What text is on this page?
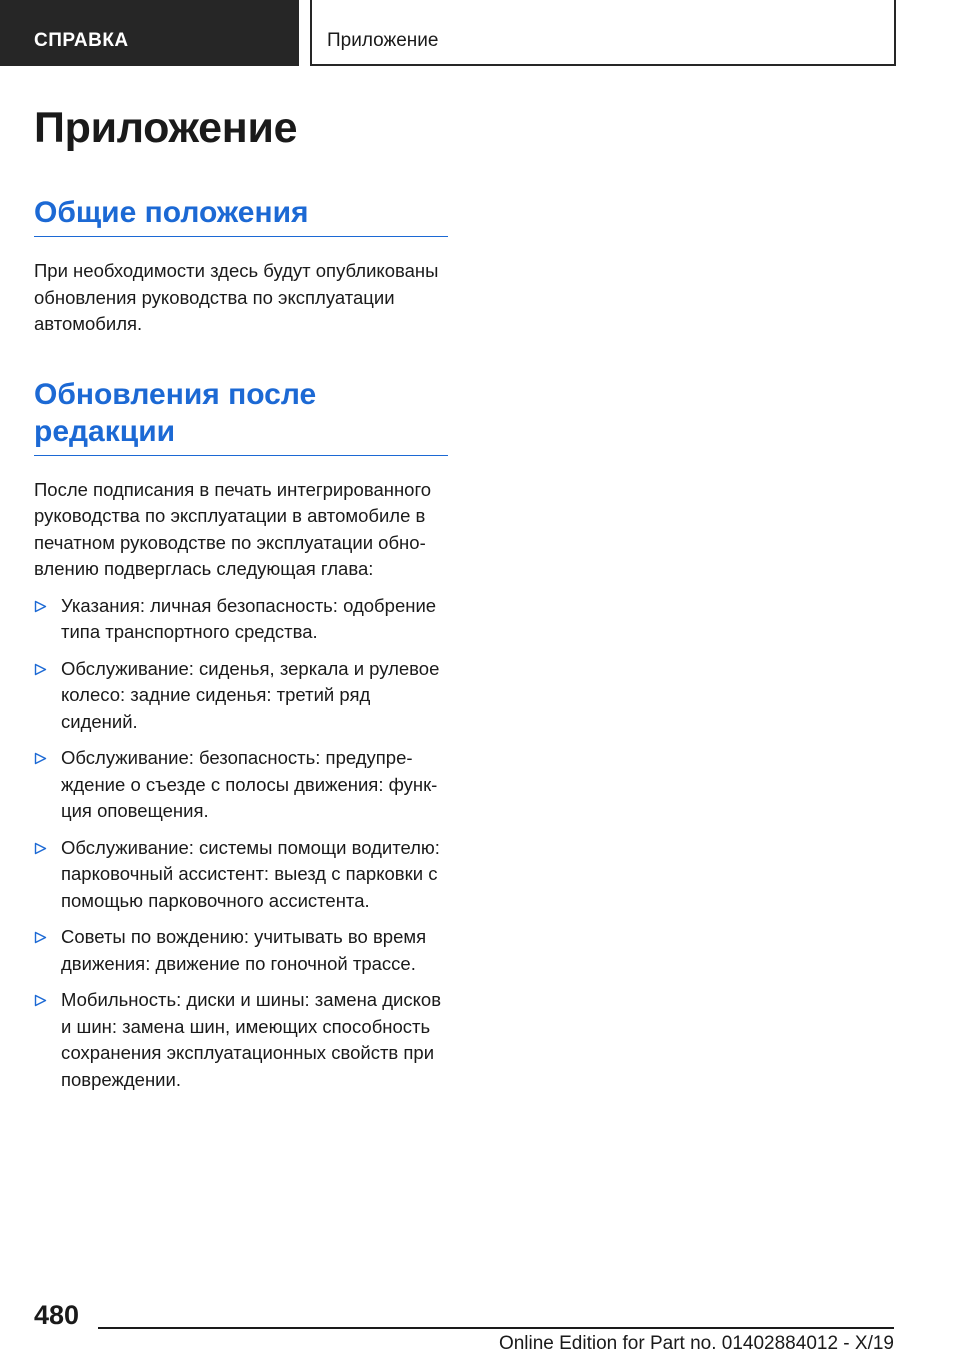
СПРАВКА	Приложение
Приложение
Общие положения

При необходимости здесь будут опубликованы обновления руководства по эксплуатации автомобиля.

Обновления после редакции

После подписания в печать интегрированного руководства по эксплуатации в автомобиле в печатном руководстве по эксплуатации обновлению подверглась следующая глава:

Указания: личная безопасность: одобрение типа транспортного средства.
Обслуживание: сиденья, зеркала и рулевое колесо: задние сиденья: третий ряд сидений.
Обслуживание: безопасность: предупреждение о съезде с полосы движения: функция оповещения.
Обслуживание: системы помощи водителю: парковочный ассистент: выезд с парковки с помощью парковочного ассистента.
Советы по вождению: учитывать во время движения: движение по гоночной трассе.
Мобильность: диски и шины: замена дисков и шин: замена шин, имеющих способность сохранения эксплуатационных свойств при повреждении.
480
Online Edition for Part no. 01402884012 - X/19
